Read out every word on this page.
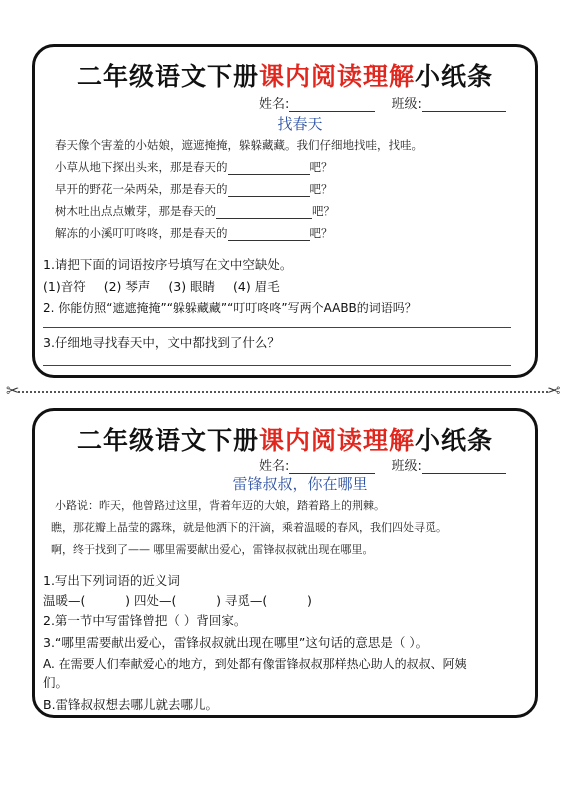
二年级语文下册课内阅读理解小纸条
姓名:	班级:
找春天
春天像个害羞的小姑娘，遮遮掩掩，躲躲藏藏。我们仔细地找哇，找哇。
小草从地下探出头来，那是春天的	吧？
早开的野花一朵两朵，那是春天的	吧？
树木吐出点点嫩芽，那是春天的	吧？
解冻的小溪叮叮咚咚，那是春天的	吧？
1.请把下面的词语按序号填写在文中空缺处。
(1)音符 (2) 琴声 (3) 眼睛 (4) 眉毛
2. 你能仿照“遮遮掩掩”“躲躲藏藏”“叮叮咚咚”写两个AABB的词语吗？
3.仔细地寻找春天中，文中都找到了什么？
✂	✂
二年级语文下册课内阅读理解小纸条
姓名:	班级:
雷锋叔叔，你在哪里
小路说：昨天，他曾路过这里，背着年迈的大娘，踏着路上的荆棘。
瞧，那花瓣上晶莹的露珠，就是他洒下的汗滴，乘着温暖的春风，我们四处寻觅。
啊，终于找到了—— 哪里需要献出爱心，雷锋叔叔就出现在哪里。
1.写出下列词语的近义词
温暖—(          ) 四处—(          ) 寻觅—(          )
2.第一节中写雷锋曾把（ ）背回家。
3.“哪里需要献出爱心，雷锋叔叔就出现在哪里”这句话的意思是（ ）。
A. 在需要人们奉献爱心的地方，到处都有像雷锋叔叔那样热心助人的叔叔、阿姨
们。
B.雷锋叔叔想去哪儿就去哪儿。
